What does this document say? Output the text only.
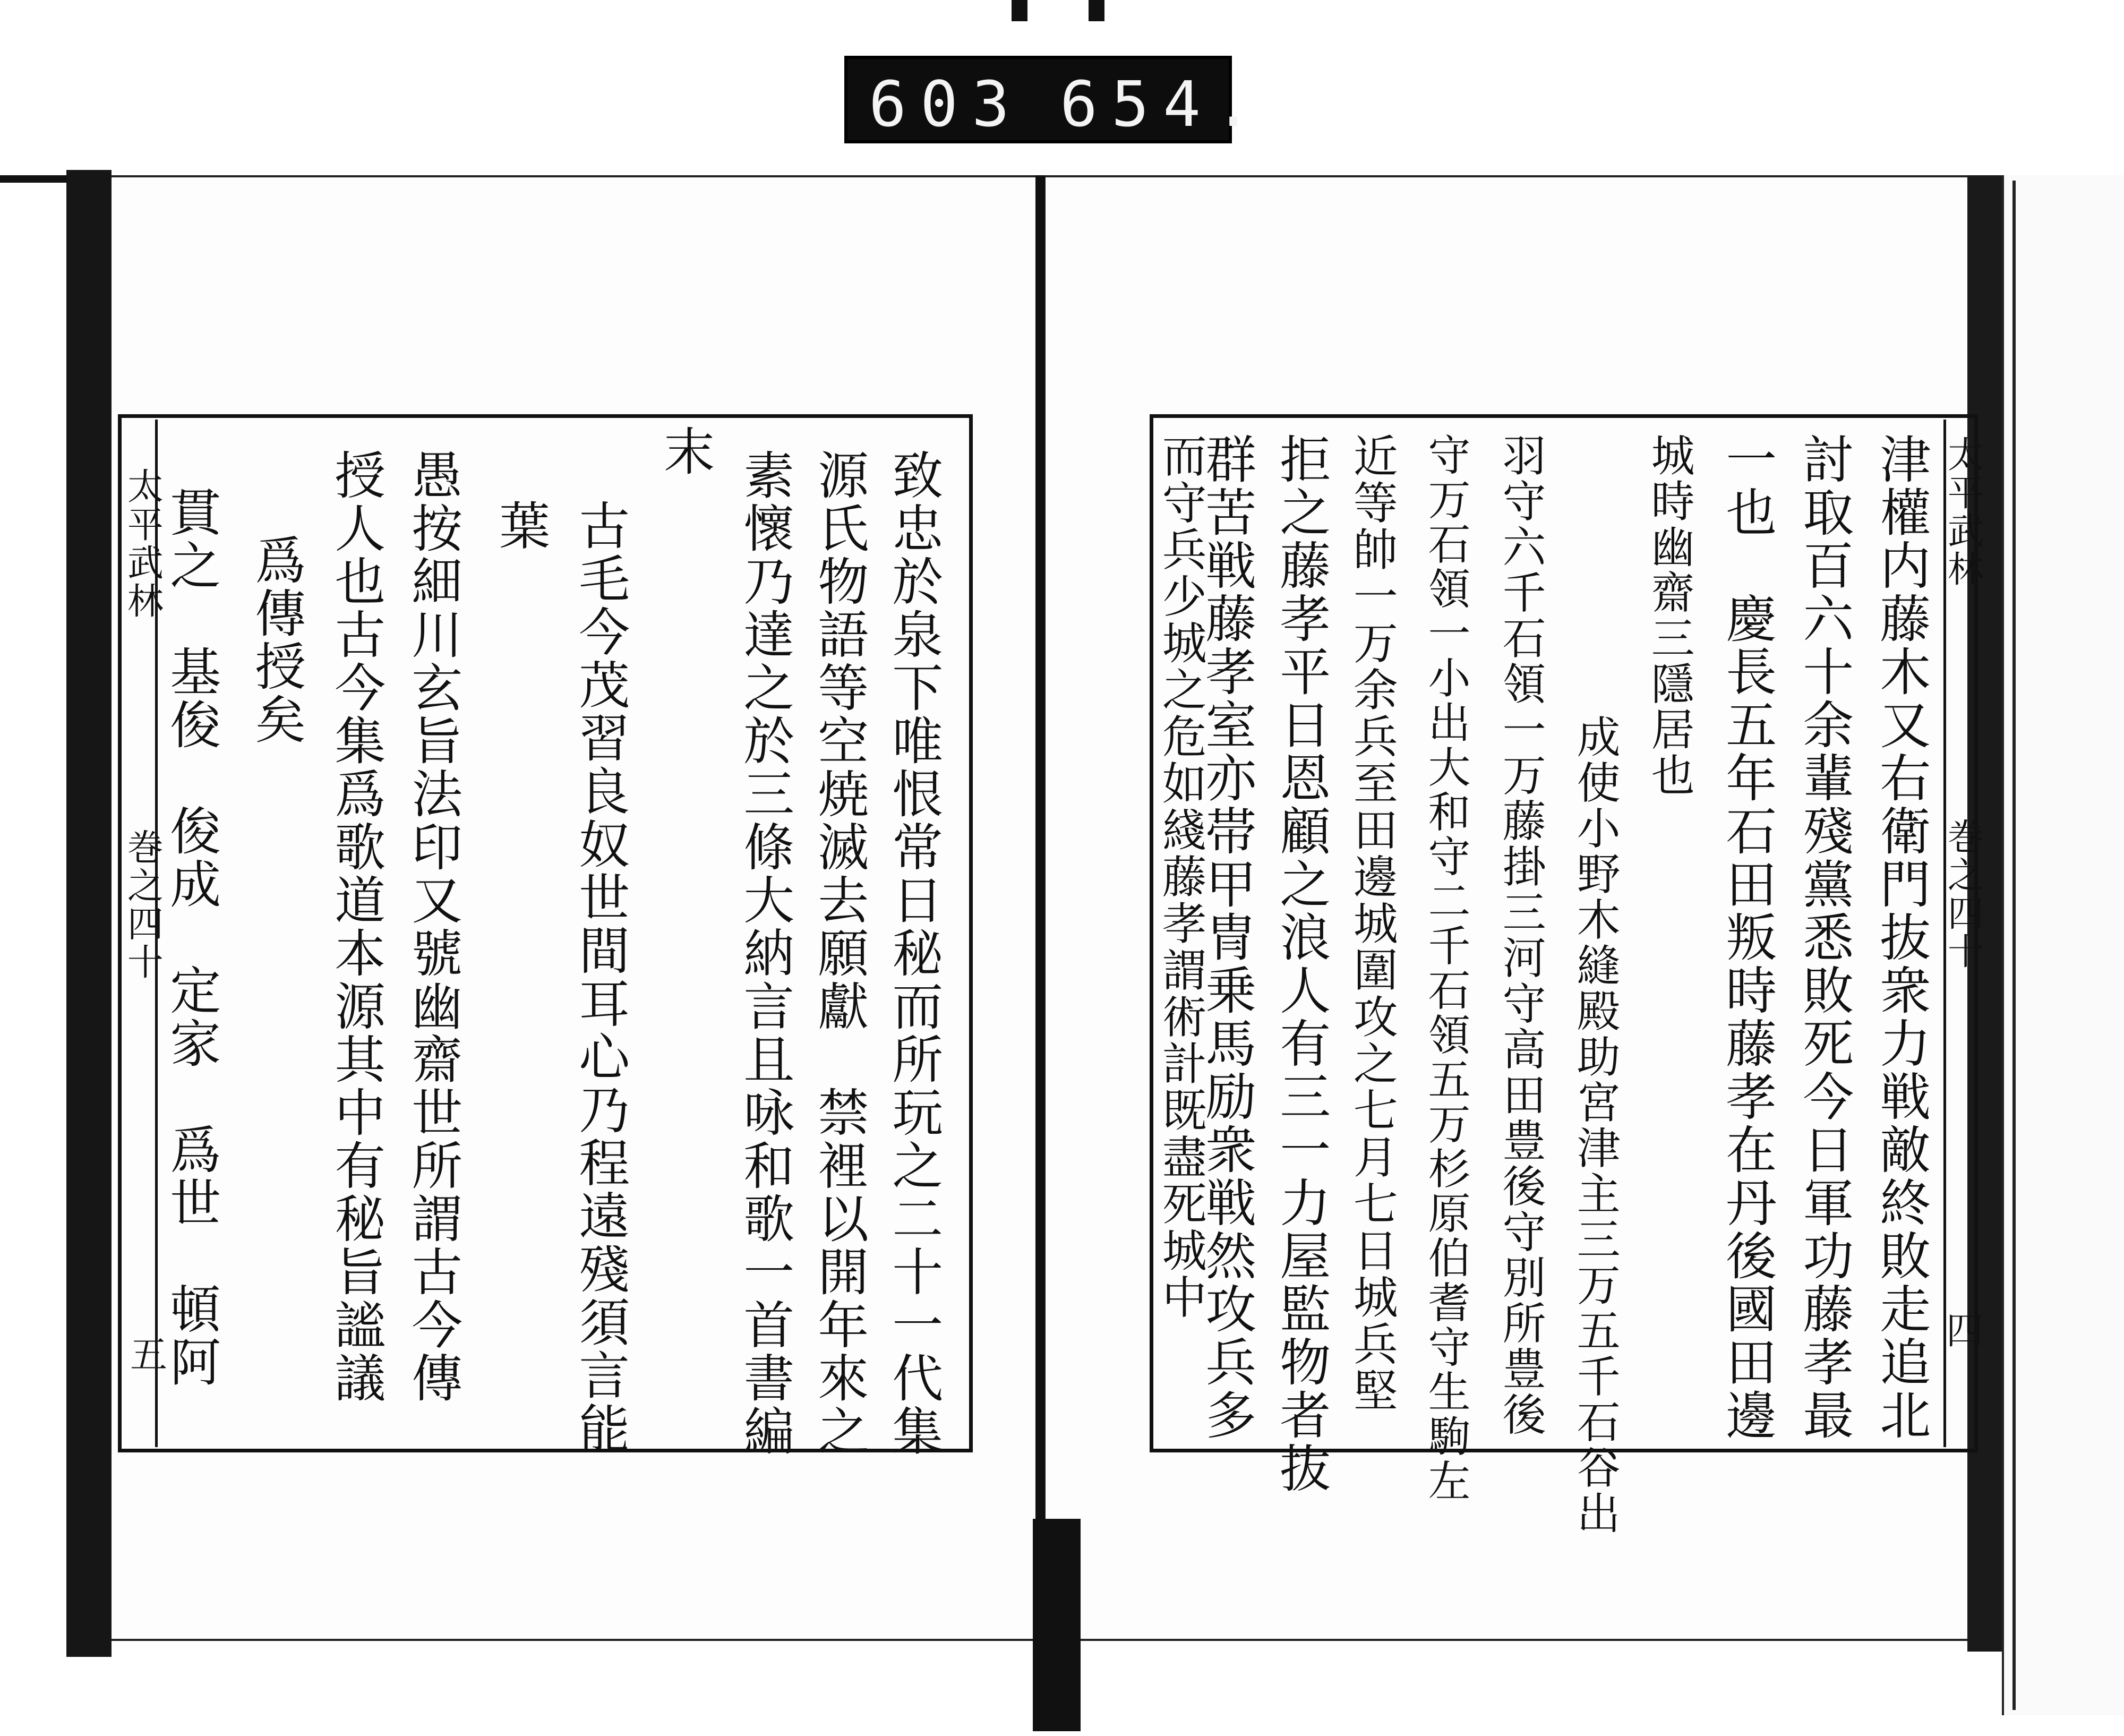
603 654.
太平武林
巻之四十
五	致忠於泉下唯恨常日秘而所玩之二十一代集
源氏物語等空焼滅去願獻　禁裡以開年來之
素懷乃達之於三條大納言且咏和歌一首書編
末
古毛今茂習良奴世間耳心乃程遠殘須言能
葉
愚按細川玄旨法印又號幽齋世所謂古今傳
授人也古今集爲歌道本源其中有秘旨謐議
爲傳授矣
貫之　基俊　俊成　定家　爲世　頓阿	太平武林
巻之四十
四
津權内藤木又右衛門抜衆力戦敵終敗走追北
討取百六十余輩殘黨悉敗死今日軍功藤孝最
一也　慶長五年石田叛時藤孝在丹後國田邊
城時幽齋三隱居也
成使小野木縫殿助宮津主三万五千石谷出
羽守六千石領一万藤掛三河守高田豊後守別所豊後
守万石領一小出大和守二千石領五万杉原伯耆守生駒左
近等帥一万余兵至田邊城圍攻之七月七日城兵堅
拒之藤孝平日恩顧之浪人有三一力屋監物者抜
群苦戦藤孝室亦帯甲冑乗馬励衆戦然攻兵多
而守兵少城之危如綫藤孝謂術計既盡死城中
